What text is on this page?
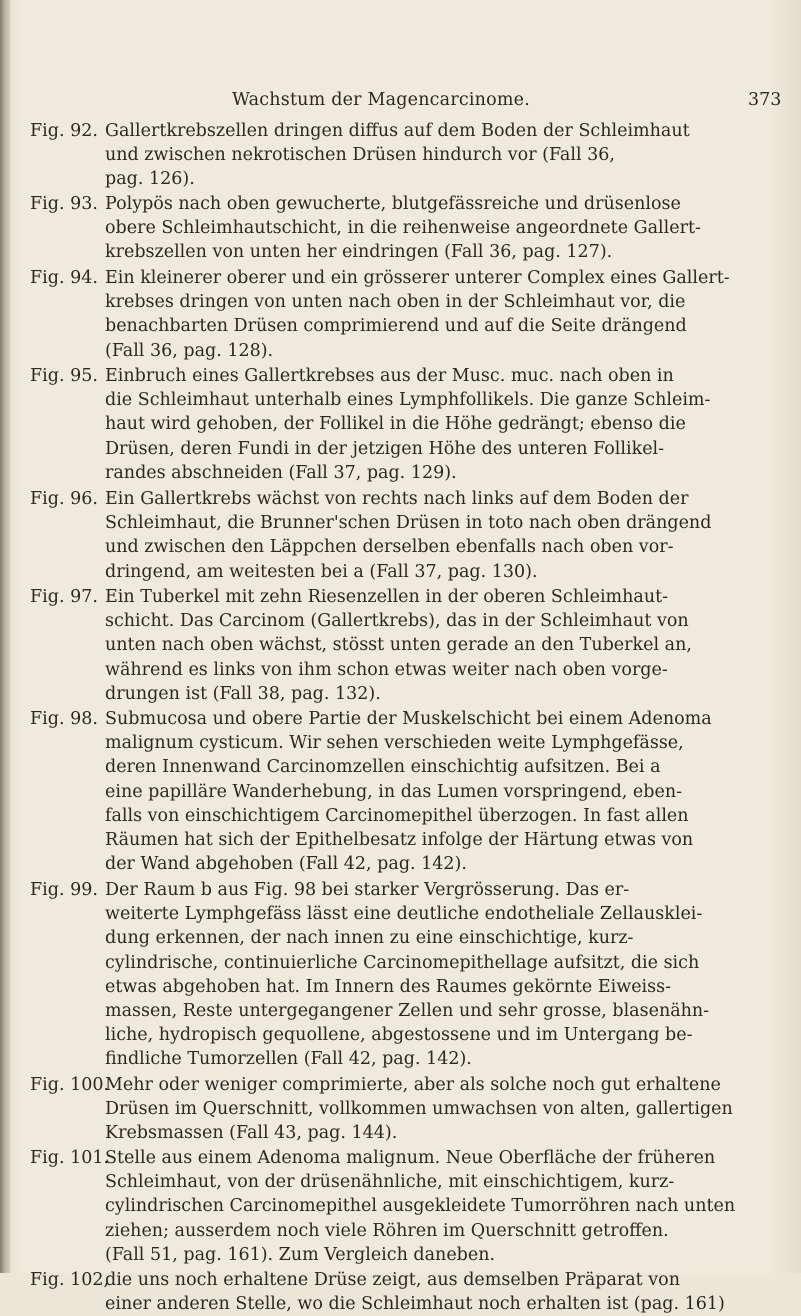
Wachstum der Magencarcinome.	373
Fig. 92. Gallertkrebszellen dringen diffus auf dem Boden der Schleimhaut
und zwischen nekrotischen Drüsen hindurch vor (Fall 36,
pag. 126).
Fig. 93. Polypös nach oben gewucherte, blutgefässreiche und drüsenlose
obere Schleimhautschicht, in die reihenweise angeordnete Gallert-
krebszellen von unten her eindringen (Fall 36, pag. 127).
Fig. 94. Ein kleinerer oberer und ein grösserer unterer Complex eines Gallert-
krebses dringen von unten nach oben in der Schleimhaut vor, die
benachbarten Drüsen comprimierend und auf die Seite drängend
(Fall 36, pag. 128).
Fig. 95. Einbruch eines Gallertkrebses aus der Musc. muc. nach oben in
die Schleimhaut unterhalb eines Lymphfollikels. Die ganze Schleim-
haut wird gehoben, der Follikel in die Höhe gedrängt; ebenso die
Drüsen, deren Fundi in der jetzigen Höhe des unteren Follikel-
randes abschneiden (Fall 37, pag. 129).
Fig. 96. Ein Gallertkrebs wächst von rechts nach links auf dem Boden der
Schleimhaut, die Brunner'schen Drüsen in toto nach oben drängend
und zwischen den Läppchen derselben ebenfalls nach oben vor-
dringend, am weitesten bei a (Fall 37, pag. 130).
Fig. 97. Ein Tuberkel mit zehn Riesenzellen in der oberen Schleimhaut-
schicht. Das Carcinom (Gallertkrebs), das in der Schleimhaut von
unten nach oben wächst, stösst unten gerade an den Tuberkel an,
während es links von ihm schon etwas weiter nach oben vorge-
drungen ist (Fall 38, pag. 132).
Fig. 98. Submucosa und obere Partie der Muskelschicht bei einem Adenoma
malignum cysticum. Wir sehen verschieden weite Lymphgefässe,
deren Innenwand Carcinomzellen einschichtig aufsitzen. Bei a
eine papilläre Wanderhebung, in das Lumen vorspringend, eben-
falls von einschichtigem Carcinomepithel überzogen. In fast allen
Räumen hat sich der Epithelbesatz infolge der Härtung etwas von
der Wand abgehoben (Fall 42, pag. 142).
Fig. 99. Der Raum b aus Fig. 98 bei starker Vergrösserung. Das er-
weiterte Lymphgefäss lässt eine deutliche endotheliale Zellausklei-
dung erkennen, der nach innen zu eine einschichtige, kurz-
cylindrische, continuierliche Carcinomepithellage aufsitzt, die sich
etwas abgehoben hat. Im Innern des Raumes gekörnte Eiweiss-
massen, Reste untergegangener Zellen und sehr grosse, blasenähn-
liche, hydropisch gequollene, abgestossene und im Untergang be-
findliche Tumorzellen (Fall 42, pag. 142).
Fig. 100.
Mehr oder weniger comprimierte, aber als solche noch gut erhaltene
Drüsen im Querschnitt, vollkommen umwachsen von alten, gallertigen
Krebsmassen (Fall 43, pag. 144).
Fig. 101.
Stelle aus einem Adenoma malignum. Neue Oberfläche der früheren
Schleimhaut, von der drüsenähnliche, mit einschichtigem, kurz-
cylindrischen Carcinomepithel ausgekleidete Tumorröhren nach unten
ziehen; ausserdem noch viele Röhren im Querschnitt getroffen.
(Fall 51, pag. 161). Zum Vergleich daneben.
Fig. 102,
die uns noch erhaltene Drüse zeigt, aus demselben Präparat von
einer anderen Stelle, wo die Schleimhaut noch erhalten ist (pag. 161)
